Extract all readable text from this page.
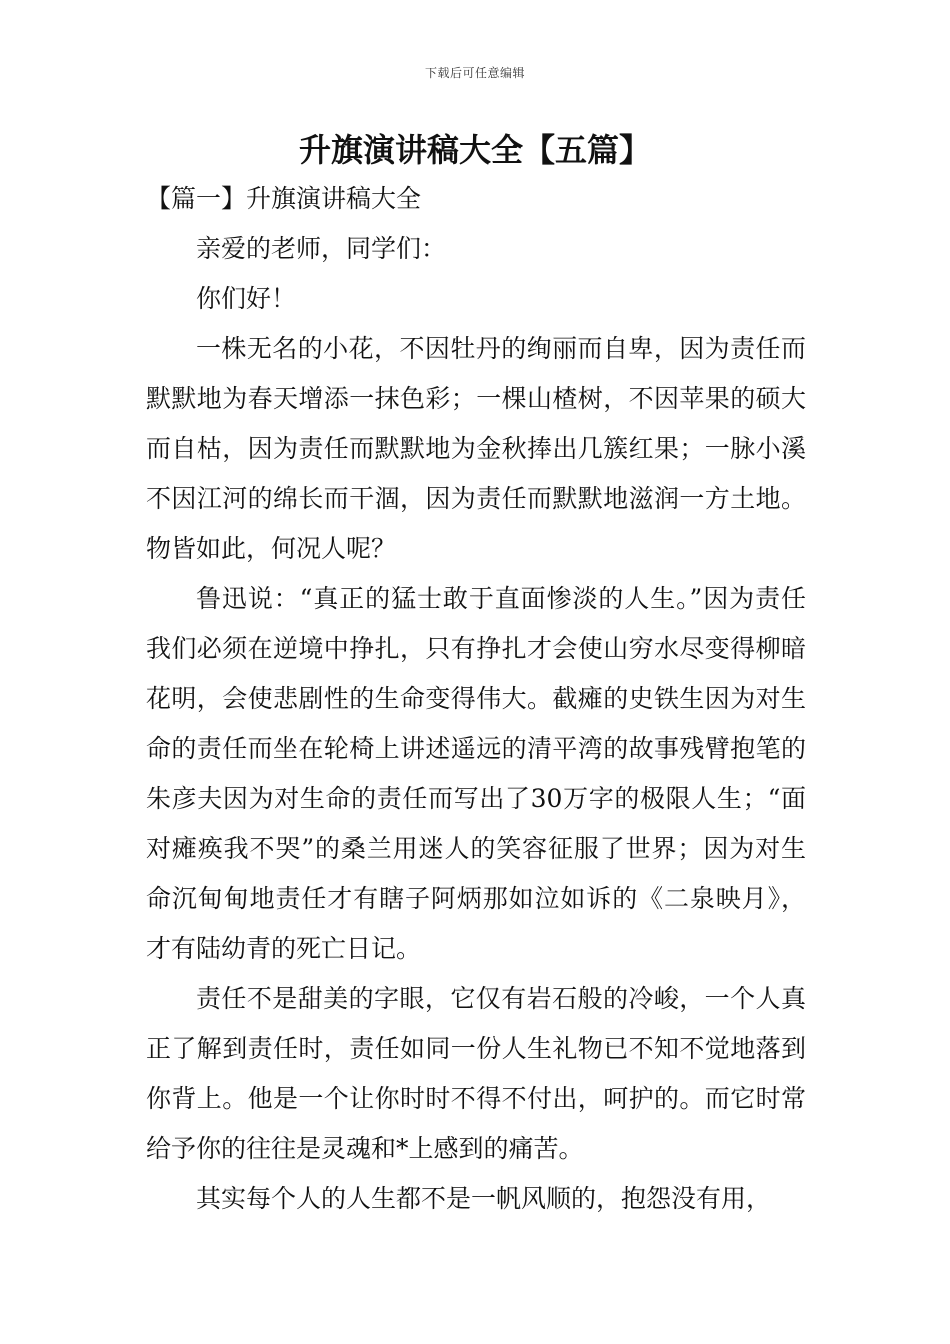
下载后可任意编辑
升旗演讲稿大全【五篇】
【篇一】升旗演讲稿大全

亲爱的老师，同学们：

你们好！

一株无名的小花，不因牡丹的绚丽而自卑，因为责任而默默地为春天增添一抹色彩；一棵山楂树，不因苹果的硕大而自枯，因为责任而默默地为金秋捧出几簇红果；一脉小溪不因江河的绵长而干涸，因为责任而默默地滋润一方土地。物皆如此，何况人呢？

鲁迅说：“真正的猛士敢于直面惨淡的人生。”因为责任我们必须在逆境中挣扎，只有挣扎才会使山穷水尽变得柳暗花明，会使悲剧性的生命变得伟大。截瘫的史铁生因为对生命的责任而坐在轮椅上讲述遥远的清平湾的故事残臂抱笔的朱彦夫因为对生命的责任而写出了30万字的极限人生；“面对瘫痪我不哭”的桑兰用迷人的笑容征服了世界；因为对生命沉甸甸地责任才有瞎子阿炳那如泣如诉的《二泉映月》，才有陆幼青的死亡日记。

责任不是甜美的字眼，它仅有岩石般的冷峻，一个人真正了解到责任时，责任如同一份人生礼物已不知不觉地落到你背上。他是一个让你时时不得不付出，呵护的。而它时常给予你的往往是灵魂和*上感到的痛苦。

其实每个人的人生都不是一帆风顺的，抱怨没有用，
